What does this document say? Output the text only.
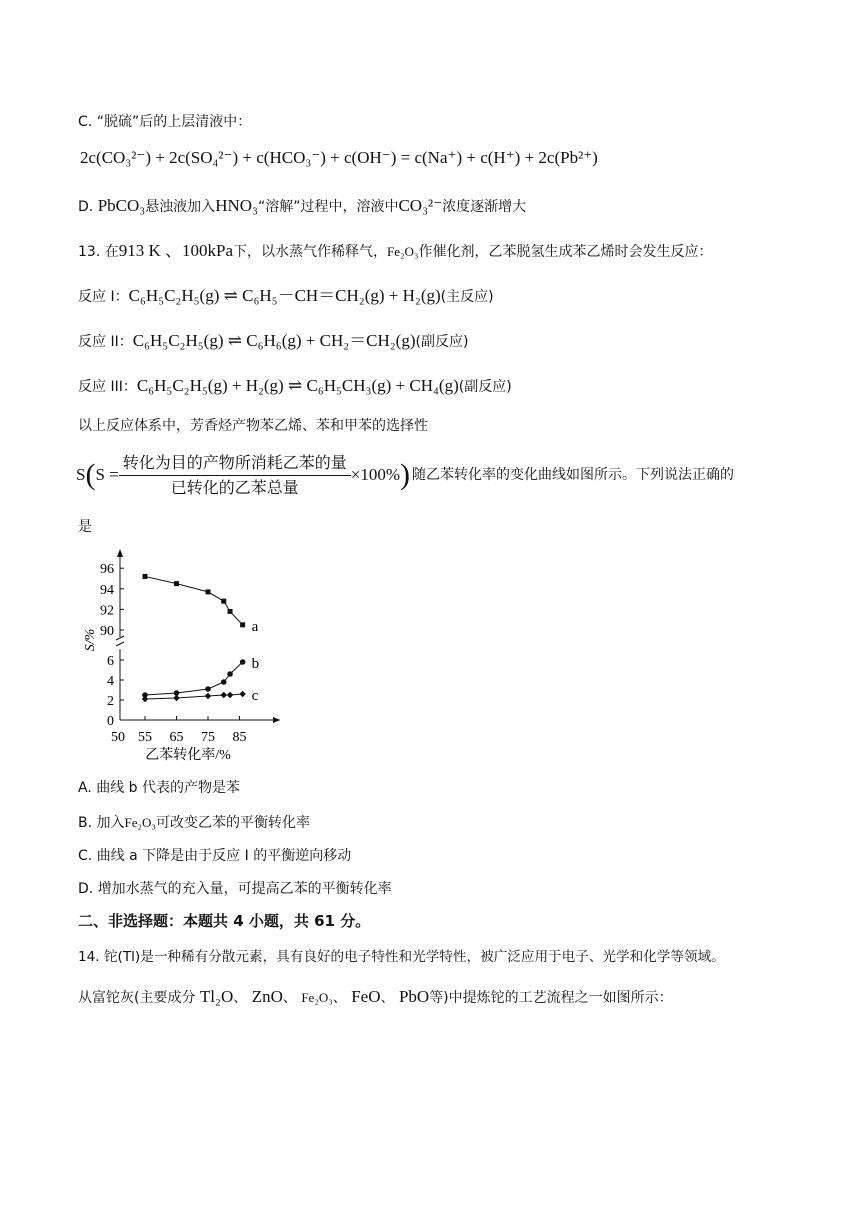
C. “脱硫”后的上层清液中：
2c(CO₃²⁻) + 2c(SO₄²⁻) + c(HCO₃⁻) + c(OH⁻) = c(Na⁺) + c(H⁺) + 2c(Pb²⁺)
D. PbCO₃悬浊液加入HNO₃“溶解”过程中，溶液中CO₃²⁻浓度逐渐增大
13. 在913 K 、100kPa下，以水蒸气作稀释气，Fe₂O₃作催化剂，乙苯脱氢生成苯乙烯时会发生反应：
反应 I：C₆H₅C₂H₅(g) ⇌ C₆H₅－CH＝CH₂(g) + H₂(g)(主反应)
反应 II：C₆H₅C₂H₅(g) ⇌ C₆H₆(g) + CH₂＝CH₂(g)(副反应)
反应 III：C₆H₅C₂H₅(g) + H₂(g) ⇌ C₆H₅CH₃(g) + CH₄(g)(副反应)
以上反应体系中，芳香烃产物苯乙烯、苯和甲苯的选择性
S ( $S = \frac{\text{转化为目的产物所消耗乙苯的量}}{\text{已转化的乙苯总量}} \times 100\%$ ) 随乙苯转化率的变化曲线如图所示。下列说法正确的
是
90
92
94
96
0
2
4
6
50 55 65 75 85
a
b
c
S/%
乙苯转化率/%
A. 曲线 b 代表的产物是苯
B. 加入Fe₂O₃可改变乙苯的平衡转化率
C. 曲线 a 下降是由于反应 I 的平衡逆向移动
D. 增加水蒸气的充入量，可提高乙苯的平衡转化率
二、非选择题：本题共 4 小题，共 61 分。
14. 铊(Tl)是一种稀有分散元素，具有良好的电子特性和光学特性，被广泛应用于电子、光学和化学等领域。
从富铊灰(主要成分 Tl₂O、 ZnO、 Fe₂O₃、 FeO、 PbO等)中提炼铊的工艺流程之一如图所示：
